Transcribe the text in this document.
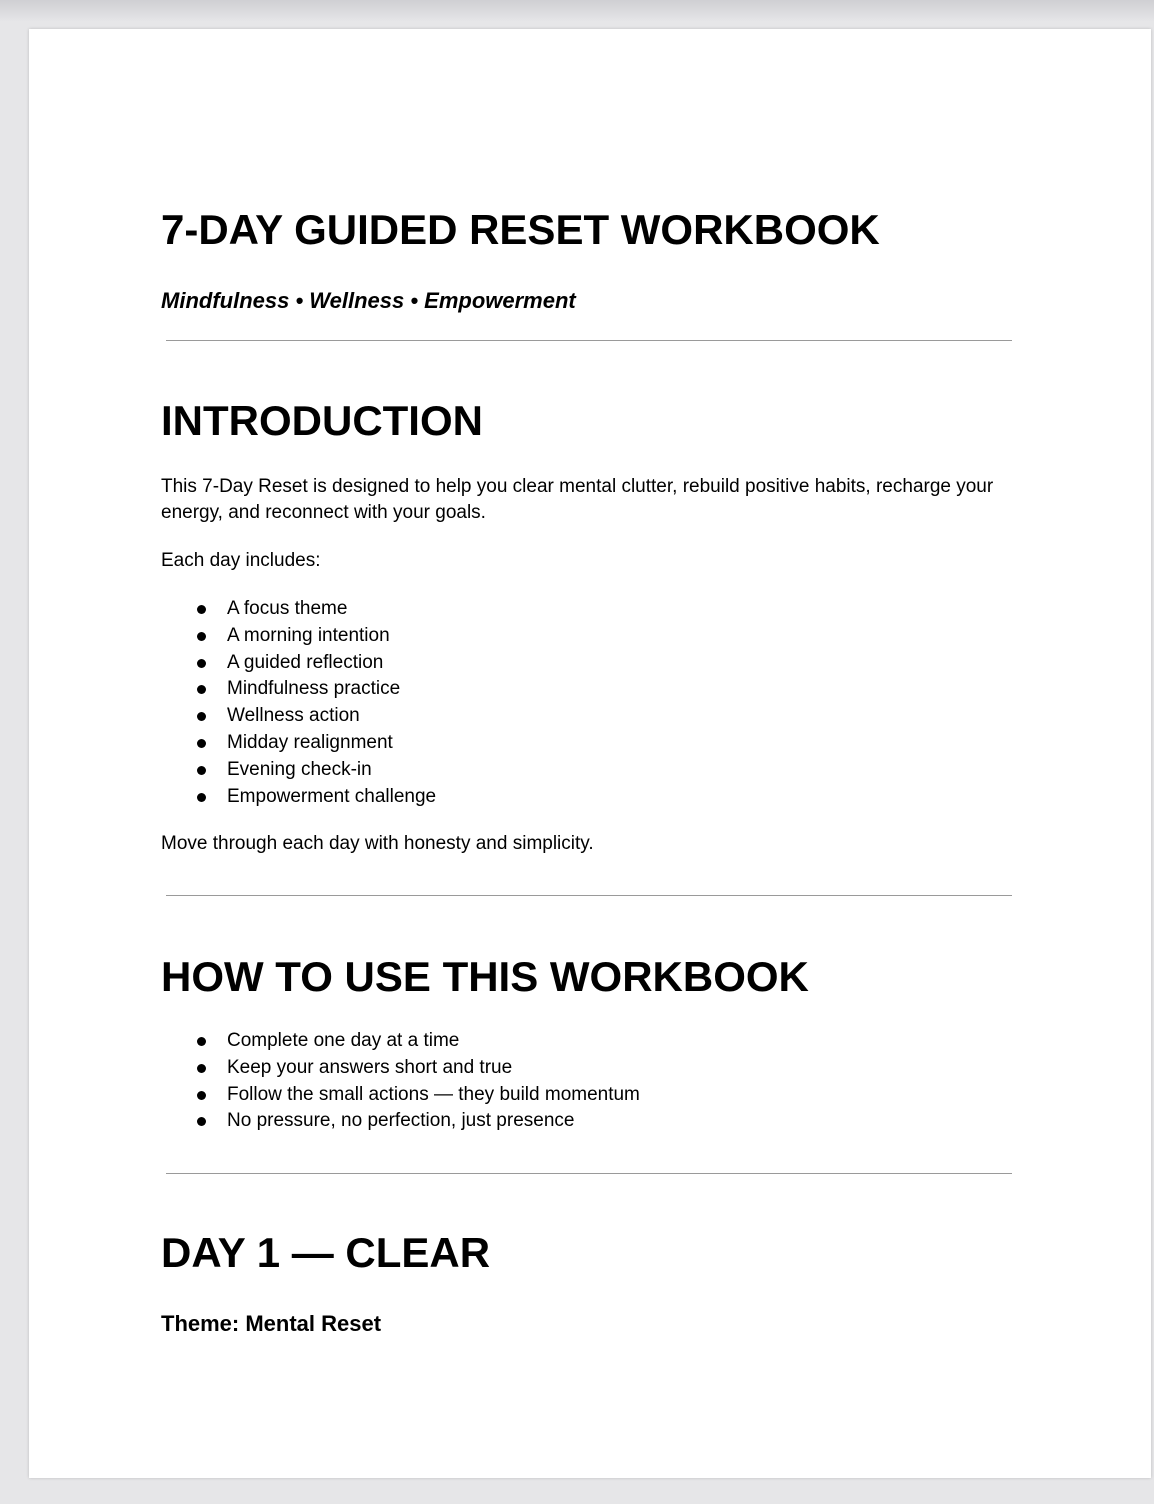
7-DAY GUIDED RESET WORKBOOK

Mindfulness • Wellness • Empowerment

INTRODUCTION

This 7-Day Reset is designed to help you clear mental clutter, rebuild positive habits, recharge your energy, and reconnect with your goals.

Each day includes:

A focus theme
A morning intention
A guided reflection
Mindfulness practice
Wellness action
Midday realignment
Evening check-in
Empowerment challenge

Move through each day with honesty and simplicity.

HOW TO USE THIS WORKBOOK
Complete one day at a time
Keep your answers short and true
Follow the small actions — they build momentum
No pressure, no perfection, just presence
DAY 1 — CLEAR

Theme: Mental Reset
